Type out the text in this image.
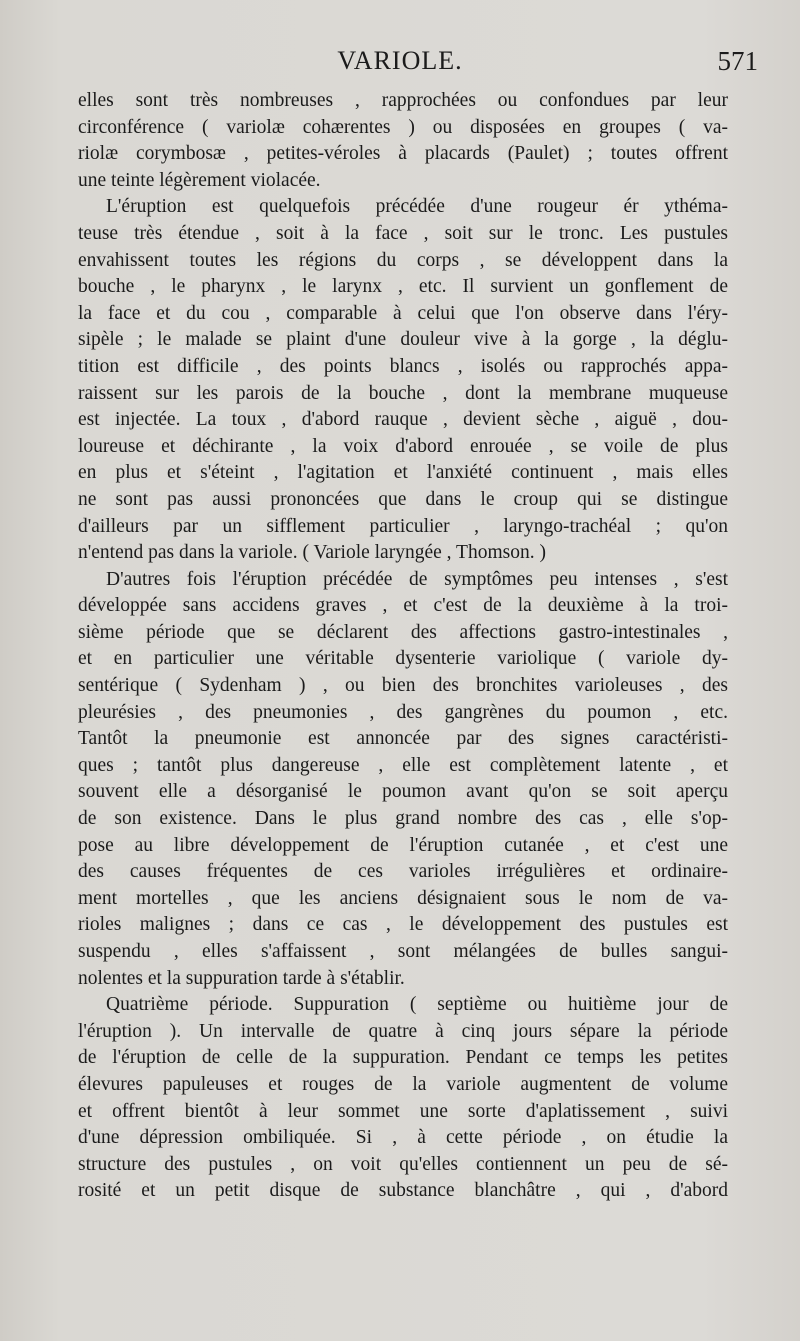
VARIOLE.	571
elles sont très nombreuses , rapprochées ou confondues par leur
circonférence ( variolæ cohærentes ) ou disposées en groupes ( va-
riolæ corymbosæ , petites-véroles à placards (Paulet) ; toutes offrent
une teinte légèrement violacée.
L'éruption est quelquefois précédée d'une rougeur ér ythéma-
teuse très étendue , soit à la face , soit sur le tronc. Les pustules
envahissent toutes les régions du corps , se développent dans la
bouche , le pharynx , le larynx , etc. Il survient un gonflement de
la face et du cou , comparable à celui que l'on observe dans l'éry-
sipèle ; le malade se plaint d'une douleur vive à la gorge , la déglu-
tition est difficile , des points blancs , isolés ou rapprochés appa-
raissent sur les parois de la bouche , dont la membrane muqueuse
est injectée. La toux , d'abord rauque , devient sèche , aiguë , dou-
loureuse et déchirante , la voix d'abord enrouée , se voile de plus
en plus et s'éteint , l'agitation et l'anxiété continuent , mais elles
ne sont pas aussi prononcées que dans le croup qui se distingue
d'ailleurs par un sifflement particulier , laryngo-trachéal ; qu'on
n'entend pas dans la variole. ( Variole laryngée , Thomson. )
D'autres fois l'éruption précédée de symptômes peu intenses , s'est
développée sans accidens graves , et c'est de la deuxième à la troi-
sième période que se déclarent des affections gastro-intestinales ,
et en particulier une véritable dysenterie variolique ( variole dy-
sentérique ( Sydenham ) , ou bien des bronchites varioleuses , des
pleurésies , des pneumonies , des gangrènes du poumon , etc.
Tantôt la pneumonie est annoncée par des signes caractéristi-
ques ; tantôt plus dangereuse , elle est complètement latente , et
souvent elle a désorganisé le poumon avant qu'on se soit aperçu
de son existence. Dans le plus grand nombre des cas , elle s'op-
pose au libre développement de l'éruption cutanée , et c'est une
des causes fréquentes de ces varioles irrégulières et ordinaire-
ment mortelles , que les anciens désignaient sous le nom de va-
rioles malignes ; dans ce cas , le développement des pustules est
suspendu , elles s'affaissent , sont mélangées de bulles sangui-
nolentes et la suppuration tarde à s'établir.
Quatrième période. Suppuration ( septième ou huitième jour de
l'éruption ). Un intervalle de quatre à cinq jours sépare la période
de l'éruption de celle de la suppuration. Pendant ce temps les petites
élevures papuleuses et rouges de la variole augmentent de volume
et offrent bientôt à leur sommet une sorte d'aplatissement , suivi
d'une dépression ombiliquée. Si , à cette période , on étudie la
structure des pustules , on voit qu'elles contiennent un peu de sé-
rosité et un petit disque de substance blanchâtre , qui , d'abord
